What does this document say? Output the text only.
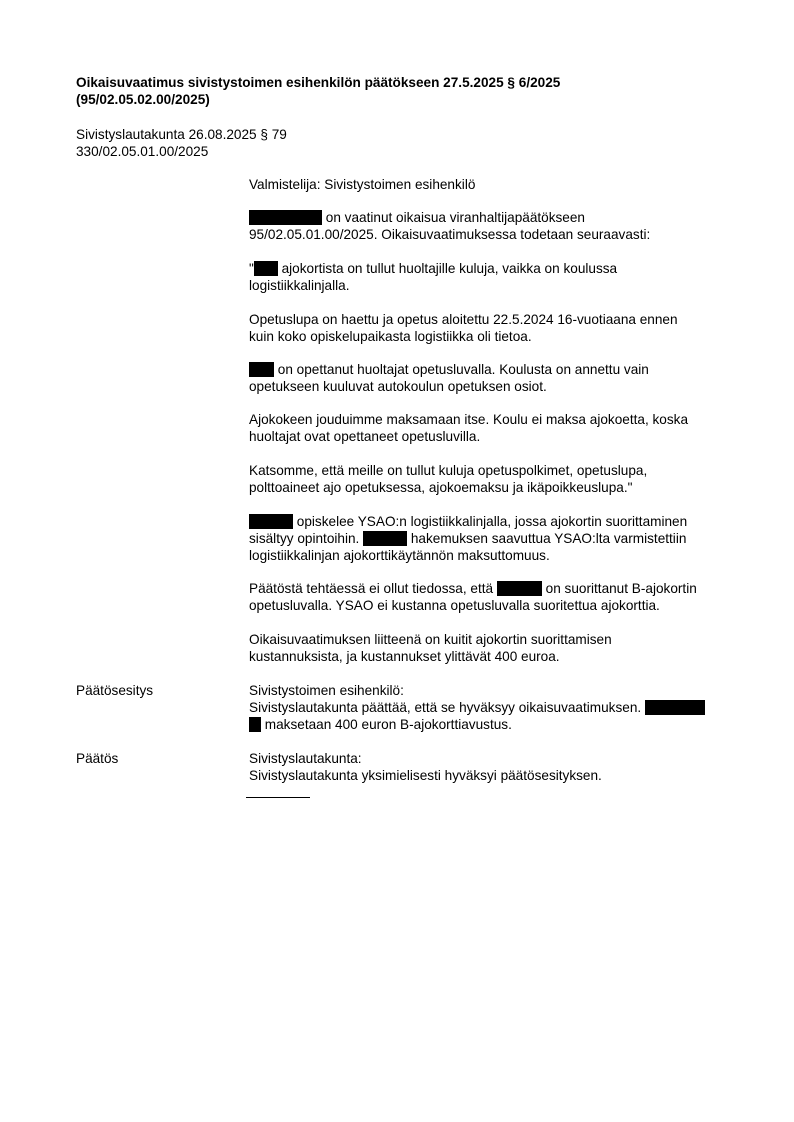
Oikaisuvaatimus sivistystoimen esihenkilön päätökseen 27.5.2025 § 6/2025
(95/02.05.02.00/2025)
Sivistyslautakunta 26.08.2025 § 79
330/02.05.01.00/2025
Valmistelija: Sivistystoimen esihenkilö
on vaatinut oikaisua viranhaltijapäätökseen
95/02.05.01.00/2025. Oikaisuvaatimuksessa todetaan seuraavasti:
" ajokortista on tullut huoltajille kuluja, vaikka on koulussa
logistiikkalinjalla.
Opetuslupa on haettu ja opetus aloitettu 22.5.2024 16-vuotiaana ennen
kuin koko opiskelupaikasta logistiikka oli tietoa.
on opettanut huoltajat opetusluvalla. Koulusta on annettu vain
opetukseen kuuluvat autokoulun opetuksen osiot.
Ajokokeen jouduimme maksamaan itse. Koulu ei maksa ajokoetta, koska
huoltajat ovat opettaneet opetusluvilla.
Katsomme, että meille on tullut kuluja opetuspolkimet, opetuslupa,
polttoaineet ajo opetuksessa, ajokoemaksu ja ikäpoikkeuslupa."
opiskelee YSAO:n logistiikkalinjalla, jossa ajokortin suorittaminen
sisältyy opintoihin.	hakemuksen saavuttua YSAO:lta varmistettiin
logistiikkalinjan ajokorttikäytännön maksuttomuus.
Päätöstä tehtäessä ei ollut tiedossa, että	on suorittanut B-ajokortin
opetusluvalla. YSAO ei kustanna opetusluvalla suoritettua ajokorttia.
Oikaisuvaatimuksen liitteenä on kuitit ajokortin suorittamisen
kustannuksista, ja kustannukset ylittävät 400 euroa.
Päätösesitys	Sivistystoimen esihenkilö:
Sivistyslautakunta päättää, että se hyväksyy oikaisuvaatimuksen.
maksetaan 400 euron B-ajokorttiavustus.
Päätös	Sivistyslautakunta:
Sivistyslautakunta yksimielisesti hyväksyi päätösesityksen.
